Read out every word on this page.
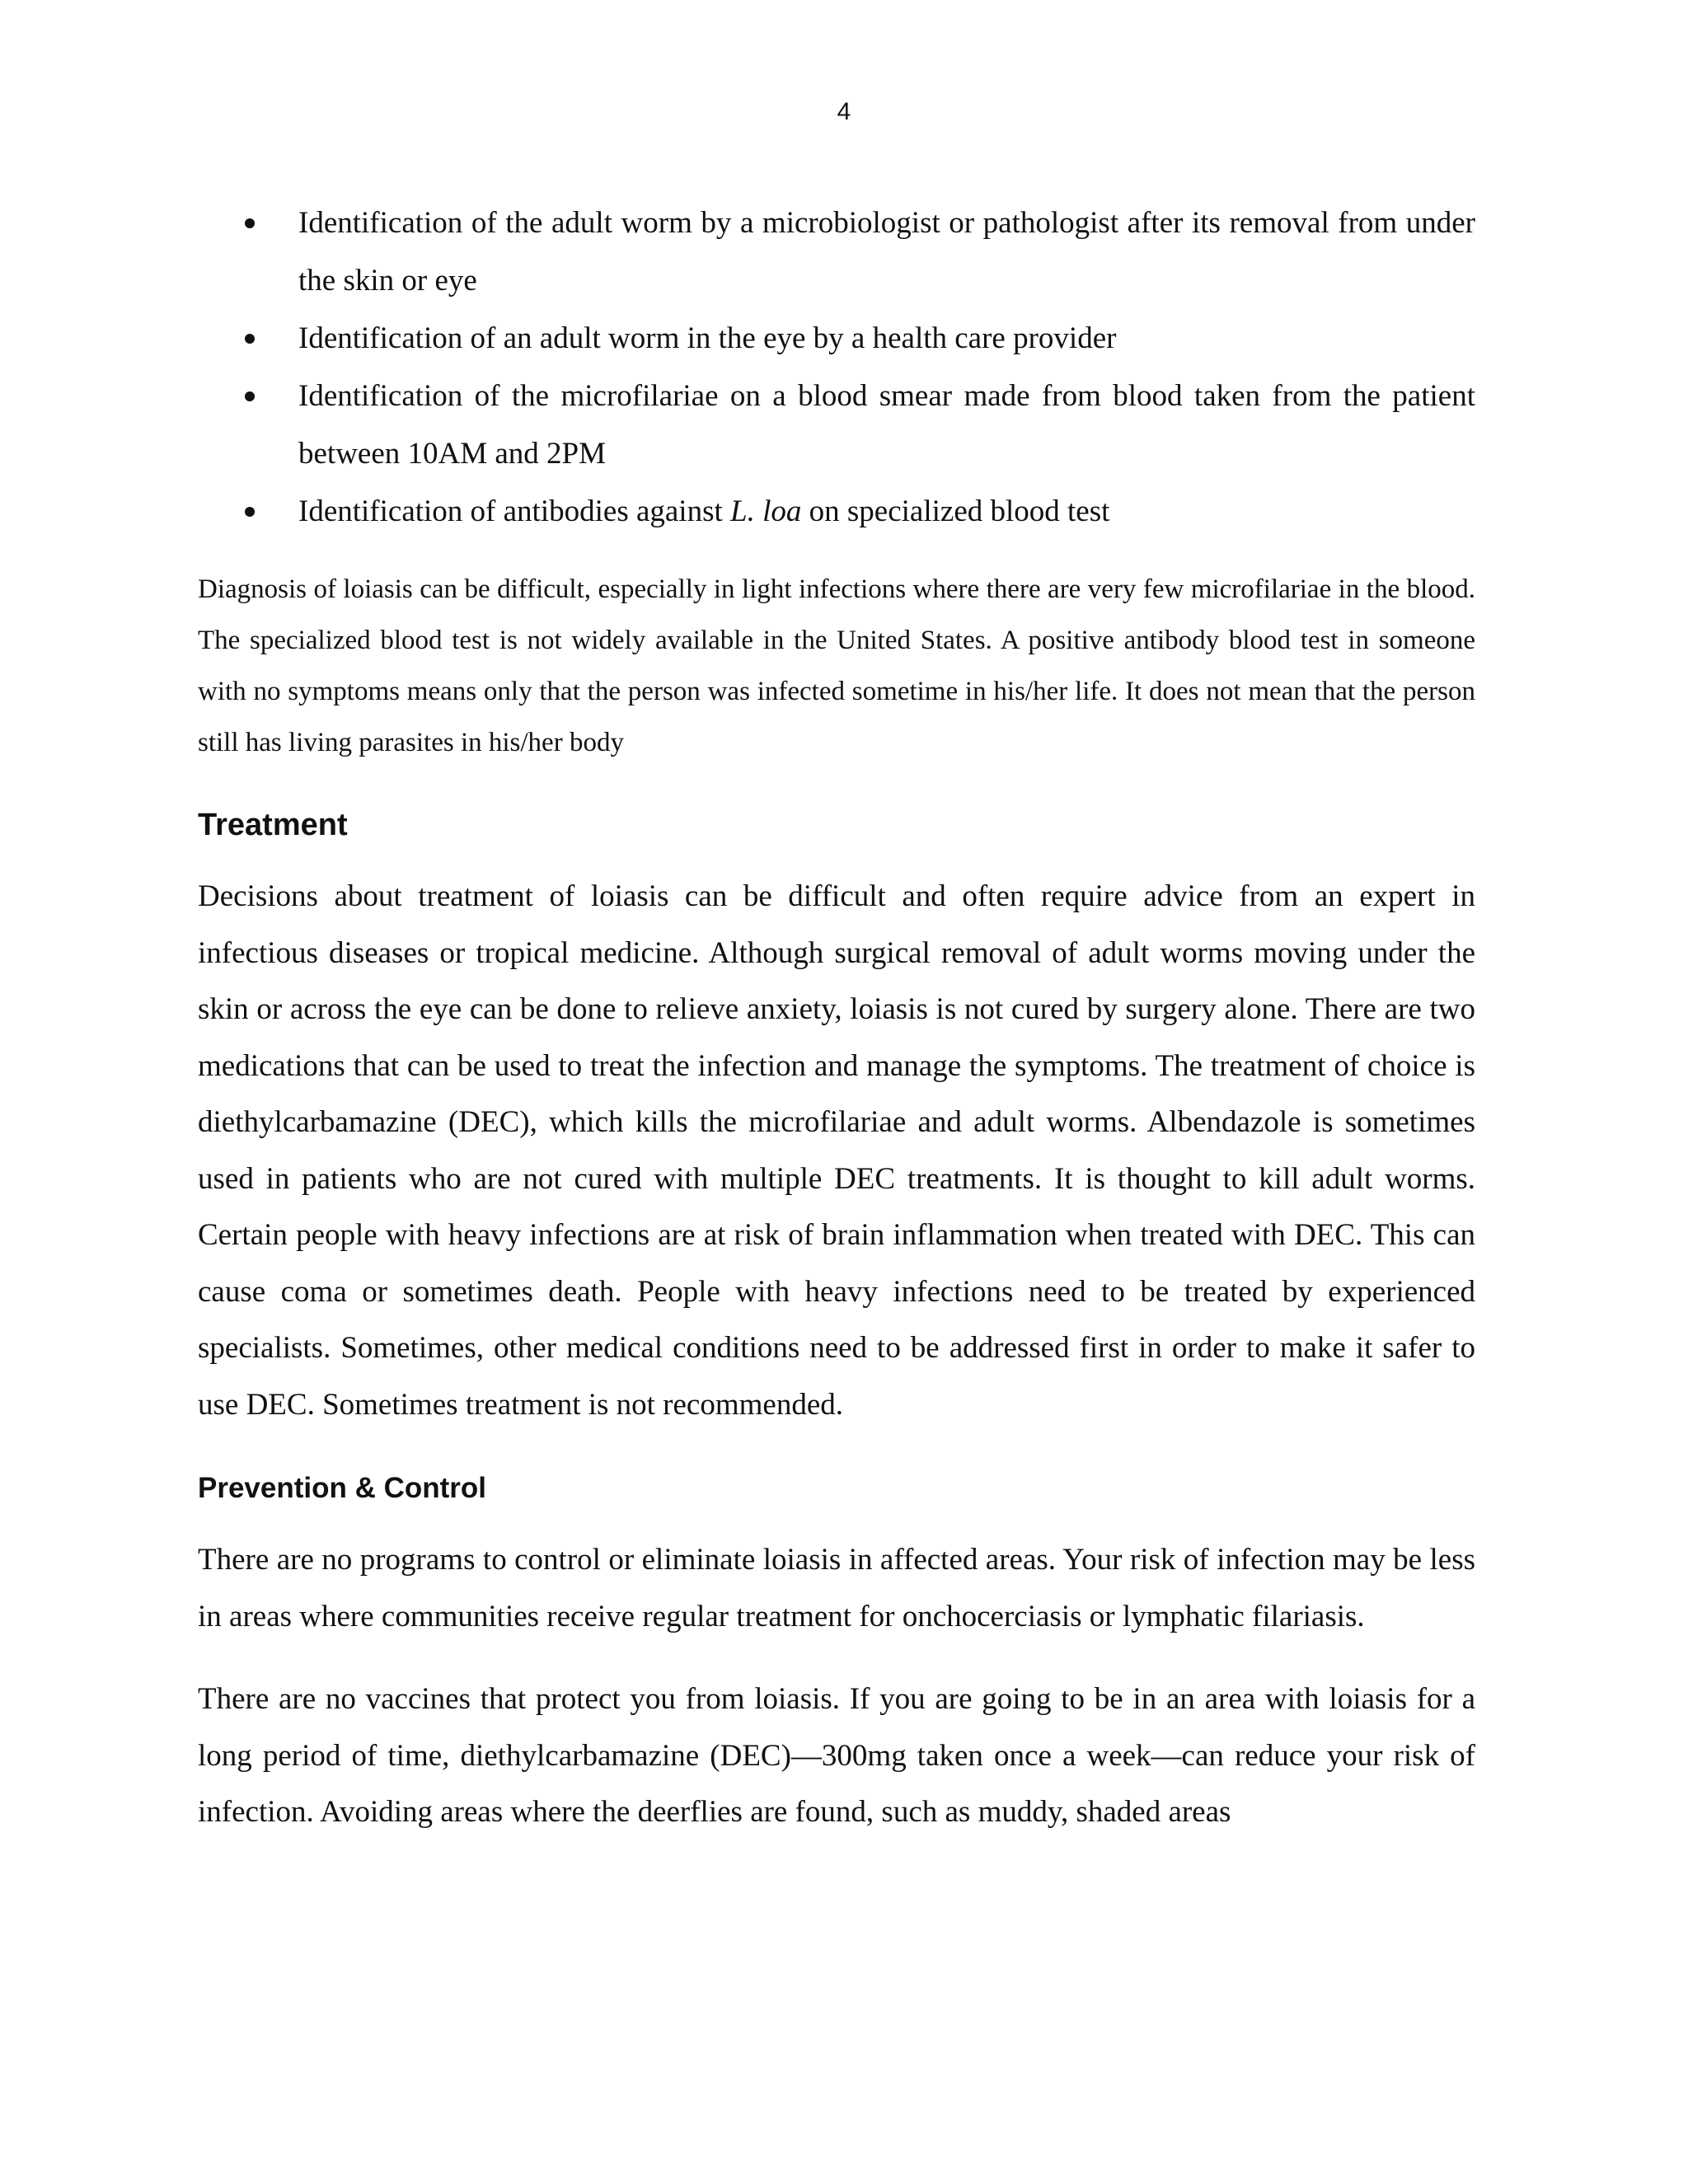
4
Identification of the adult worm by a microbiologist or pathologist after its removal from under the skin or eye
Identification of an adult worm in the eye by a health care provider
Identification of the microfilariae on a blood smear made from blood taken from the patient between 10AM and 2PM
Identification of antibodies against L. loa on specialized blood test

Diagnosis of loiasis can be difficult, especially in light infections where there are very few microfilariae in the blood. The specialized blood test is not widely available in the United States. A positive antibody blood test in someone with no symptoms means only that the person was infected sometime in his/her life. It does not mean that the person still has living parasites in his/her body

Treatment

Decisions about treatment of loiasis can be difficult and often require advice from an expert in infectious diseases or tropical medicine. Although surgical removal of adult worms moving under the skin or across the eye can be done to relieve anxiety, loiasis is not cured by surgery alone. There are two medications that can be used to treat the infection and manage the symptoms. The treatment of choice is diethylcarbamazine (DEC), which kills the microfilariae and adult worms. Albendazole is sometimes used in patients who are not cured with multiple DEC treatments. It is thought to kill adult worms. Certain people with heavy infections are at risk of brain inflammation when treated with DEC. This can cause coma or sometimes death. People with heavy infections need to be treated by experienced specialists. Sometimes, other medical conditions need to be addressed first in order to make it safer to use DEC. Sometimes treatment is not recommended.

Prevention & Control

There are no programs to control or eliminate loiasis in affected areas. Your risk of infection may be less in areas where communities receive regular treatment for onchocerciasis or lymphatic filariasis.

There are no vaccines that protect you from loiasis. If you are going to be in an area with loiasis for a long period of time, diethylcarbamazine (DEC)—300mg taken once a week—can reduce your risk of infection. Avoiding areas where the deerflies are found, such as muddy, shaded areas
